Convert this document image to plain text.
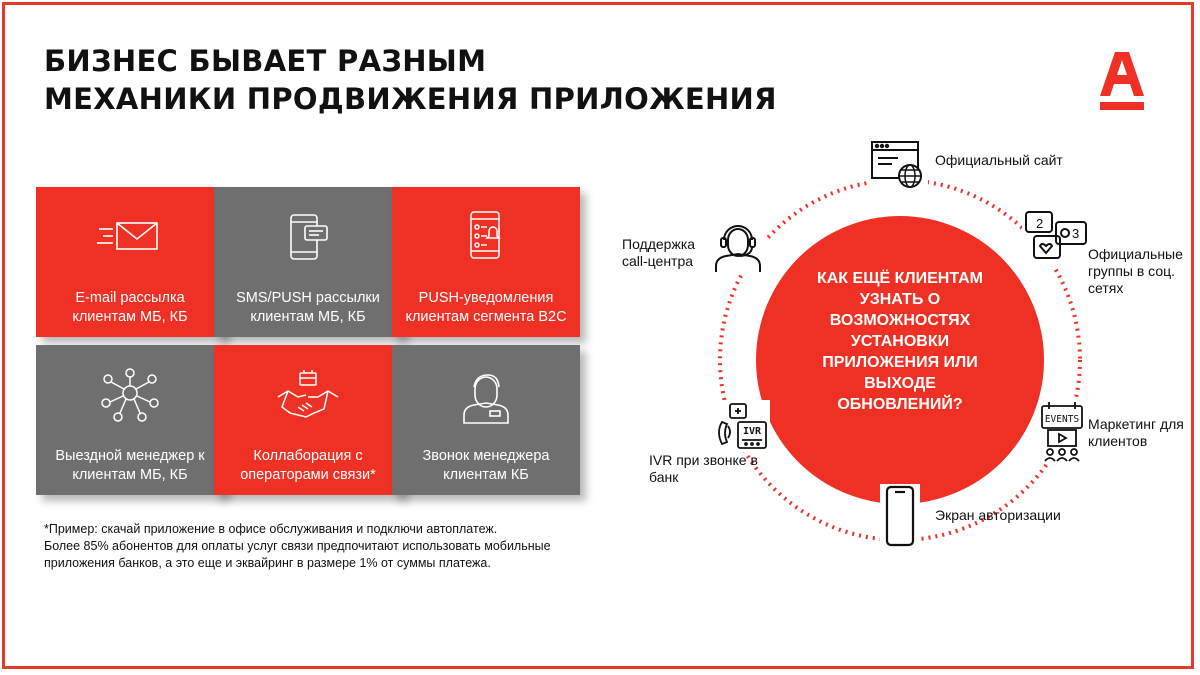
БИЗНЕС БЫВАЕТ РАЗНЫМ
МЕХАНИКИ ПРОДВИЖЕНИЯ ПРИЛОЖЕНИЯ
E-mail рассылка клиентам МБ, КБ
SMS/PUSH рассылки клиентам МБ, КБ
PUSH-уведомления клиентам сегмента B2C
Выездной менеджер к клиентам МБ, КБ
Коллаборация с операторами связи*
Звонок менеджера клиентам КБ
*Пример: скачай приложение в офисе обслуживания и подключи автоплатеж.
Более 85% абонентов для оплаты услуг связи предпочитают использовать мобильные
приложения банков, а это еще и эквайринг в размере 1% от суммы платежа.
КАК ЕЩЁ КЛИЕНТАМ УЗНАТЬ О ВОЗМОЖНОСТЯХ УСТАНОВКИ ПРИЛОЖЕНИЯ ИЛИ ВЫХОДЕ ОБНОВЛЕНИЙ?
Официальный сайт
2
3
Официальные
группы в соц.
сетях
Поддержка
call-центра
EVENTS Маркетинг для
клиентов
IVR
IVR при звонке в
банк
Экран авторизации
